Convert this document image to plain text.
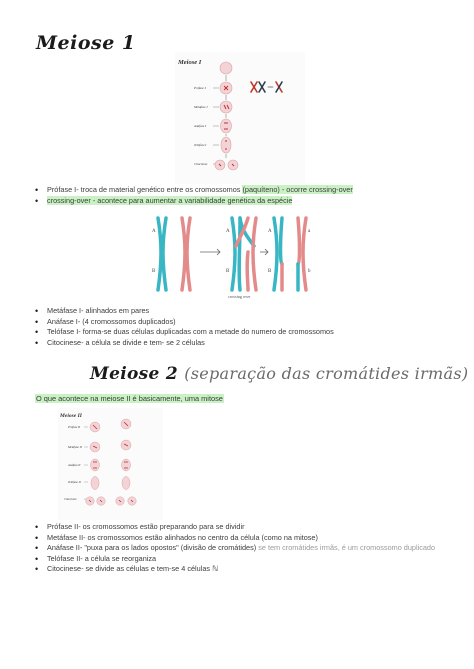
Meiose 1
Meiose I
Prófase I
Metáfase I
Anáfase I
Telófase I
Citocinese
• Prófase I- troca de material genético entre os cromossomos (paquíteno) - ocorre crossing-over
• crossing-over - acontece para aumentar a variabilidade genética da espécie
A
B
A
B
A
B
a
b
crossing over
• Metáfase I- alinhados em pares
• Anáfase I- (4 cromossomos duplicados)
• Telófase I- forma-se duas células duplicadas com a metade do numero de cromossomos
• Citocinese- a célula se divide e tem- se 2 células
Meiose 2 (separação das cromátides irmãs)
O que acontece na meiose II é basicamente, uma mitose
Meiose II
Prófase II
Metáfase II
Anáfase II
Telófase II
Citocinese
• Prófase II- os cromossomos estão preparando para se dividir
• Metáfase II- os cromossomos estão alinhados no centro da célula (como na mitose)
• Anáfase II- "puxa para os lados opostos" (divisão de cromátides) se tem cromátides irmãs, é um cromossomo duplicado
• Telófase II- a célula se reorganiza
• Citocinese- se divide as células e tem-se 4 células ℕ
